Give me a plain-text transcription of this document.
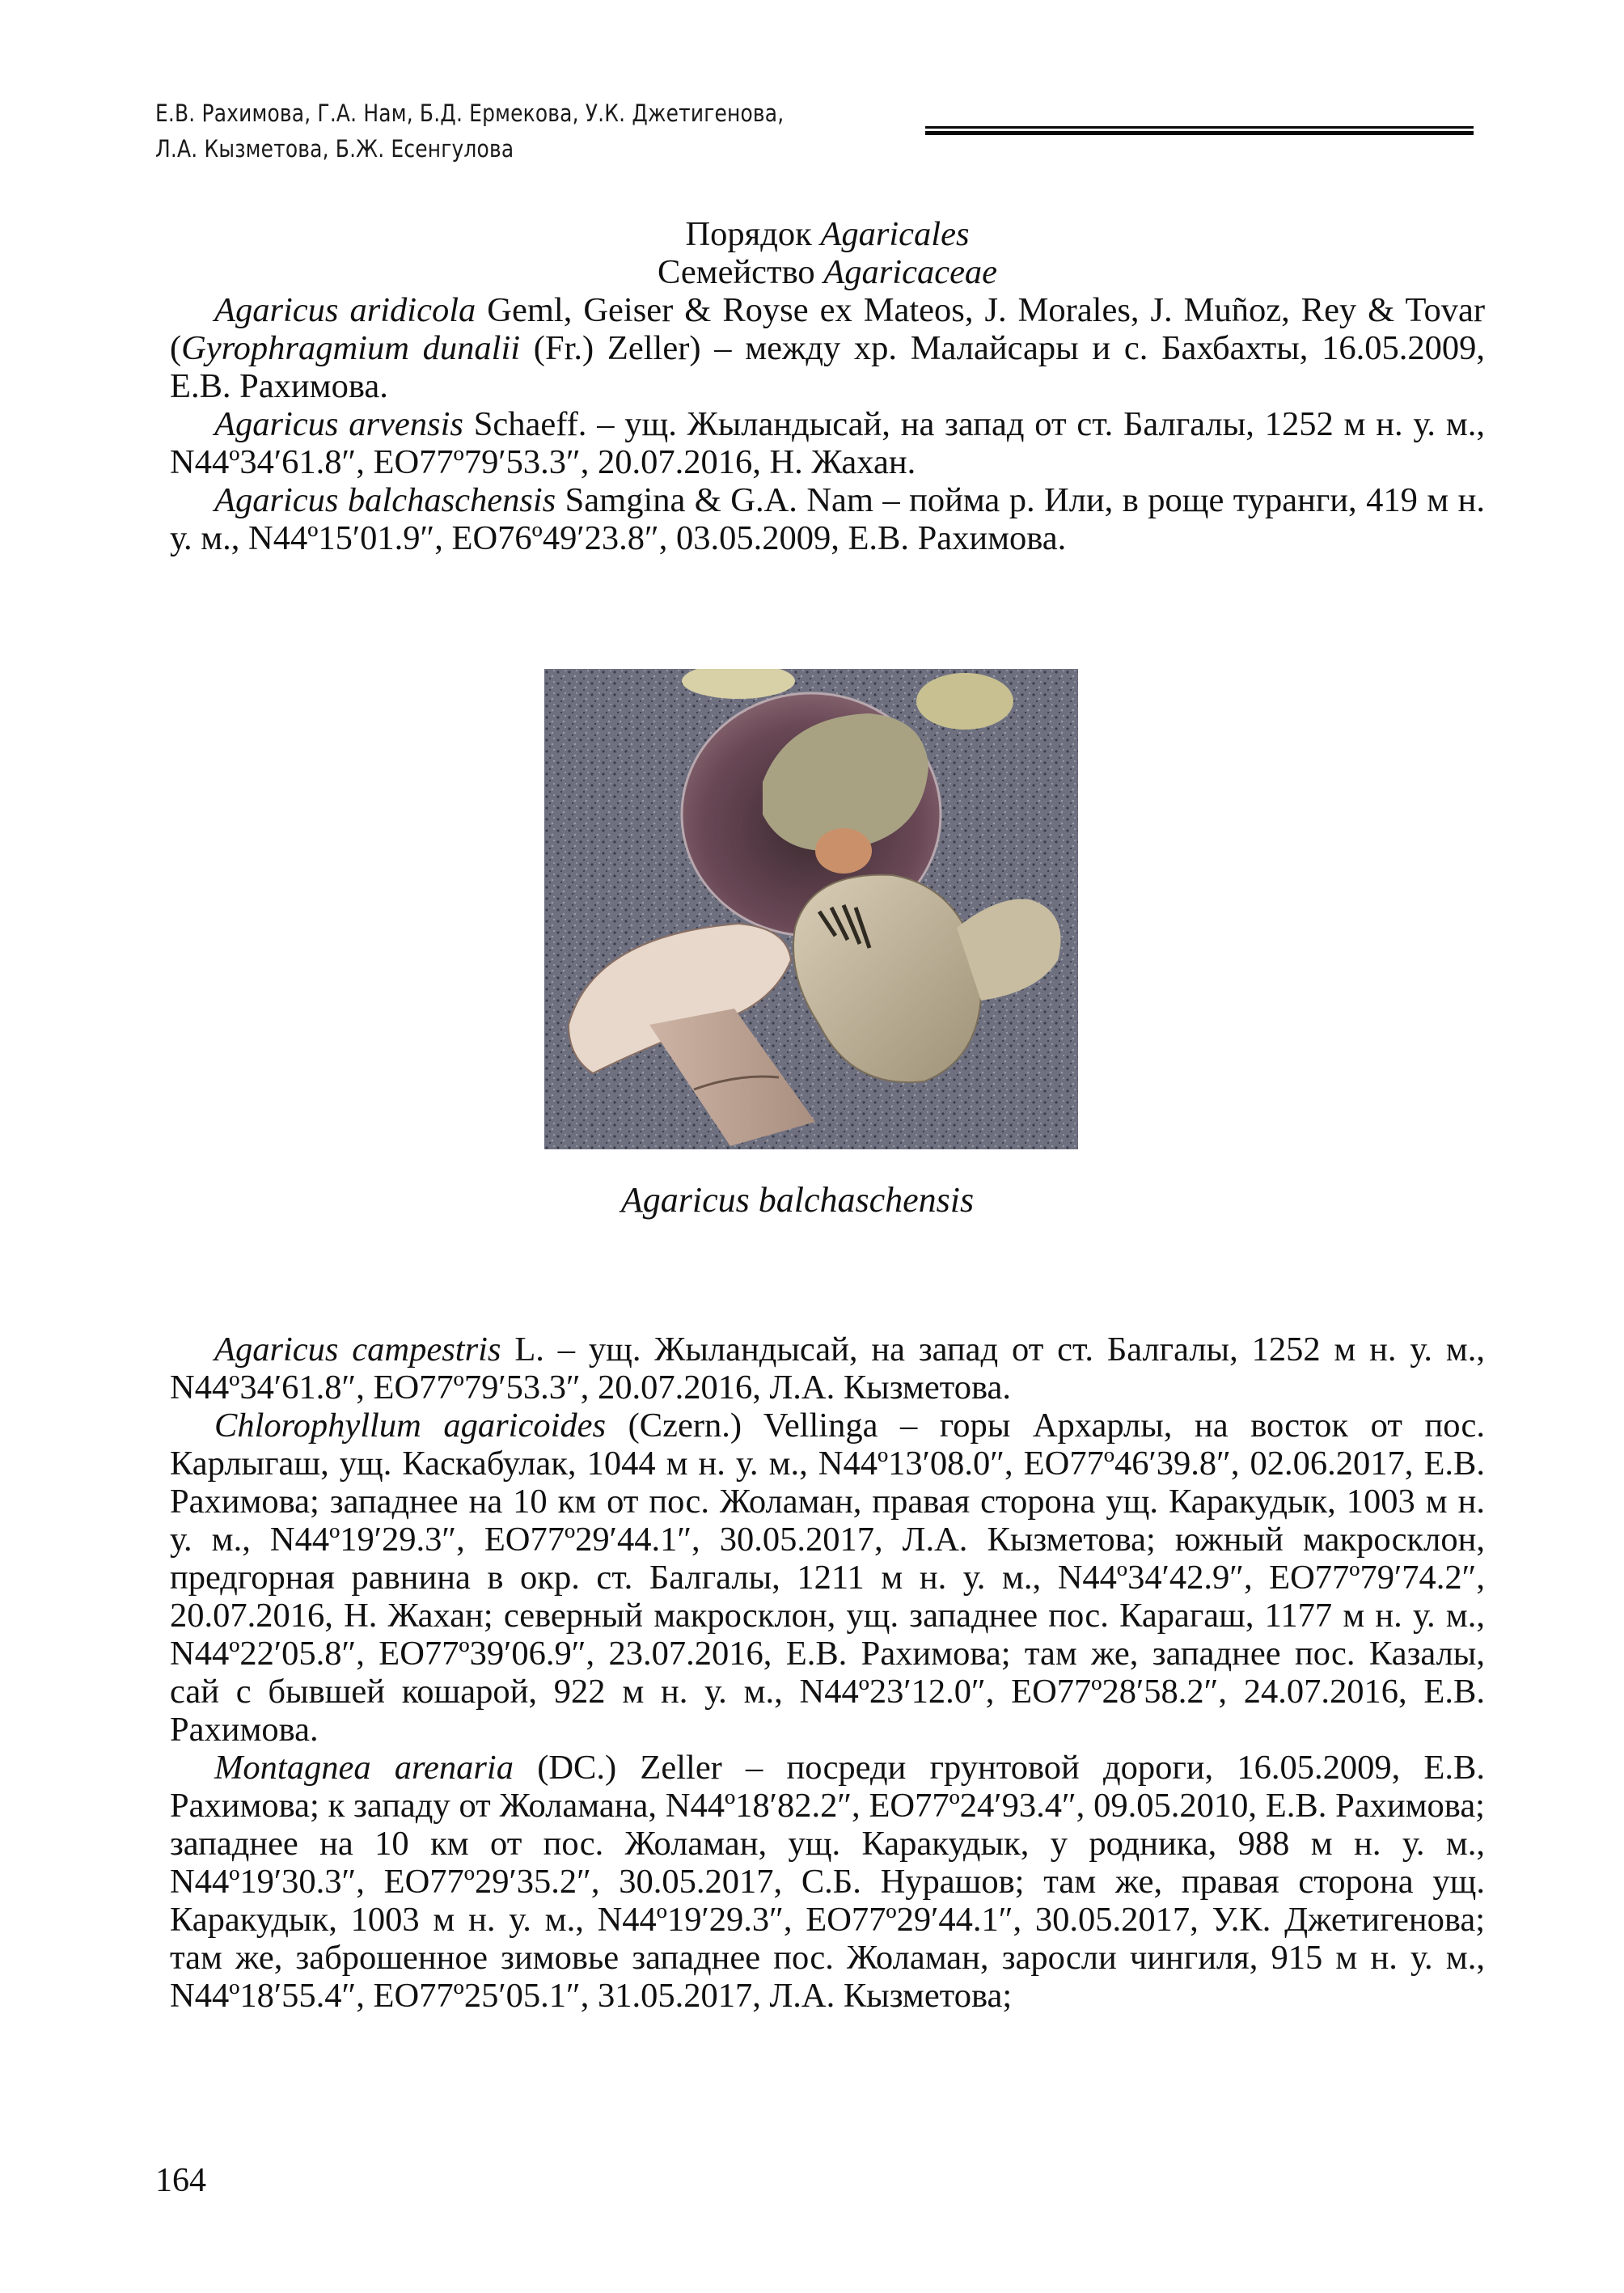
Е.В. Рахимова, Г.А. Нам, Б.Д. Ермекова, У.К. Джетигенова,
Л.А. Кызметова, Б.Ж. Есенгулова

Порядок Agaricales

Семейство Agaricaceae

Agaricus aridicola Geml, Geiser & Royse ex Mateos, J. Morales, J. Muñoz, Rey & Tovar (Gyrophragmium dunalii (Fr.) Zeller) – между хр. Малайсары и с. Бахбахты, 16.05.2009, Е.В. Рахимова.

Agaricus arvensis Schaeff. – ущ. Жыландысай, на запад от ст. Балгалы, 1252 м н. у. м., N44º34′61.8″, EO77º79′53.3″, 20.07.2016, Н. Жахан.

Agaricus balchaschensis Samgina & G.A. Nam – пойма р. Или, в роще туранги, 419 м н. у. м., N44º15′01.9″, EO76º49′23.8″, 03.05.2009, Е.В. Рахимова.

Agaricus balchaschensis

Agaricus campestris L. – ущ. Жыландысай, на запад от ст. Балгалы, 1252 м н. у. м., N44º34′61.8″, EO77º79′53.3″, 20.07.2016, Л.А. Кызметова.

Chlorophyllum agaricoides (Czern.) Vellinga – горы Архарлы, на восток от пос. Карлыгаш, ущ. Каскабулак, 1044 м н. у. м., N44º13′08.0″, EO77º46′39.8″, 02.06.2017, Е.В. Рахимова; западнее на 10 км от пос. Жоламан, правая сторона ущ. Каракудык, 1003 м н. у. м., N44º19′29.3″, EO77º29′44.1″, 30.05.2017, Л.А. Кызметова; южный макросклон, предгорная равнина в окр. ст. Балгалы, 1211 м н. у. м., N44º34′42.9″, EO77º79′74.2″, 20.07.2016, Н. Жахан; северный макросклон, ущ. западнее пос. Карагаш, 1177 м н. у. м., N44º22′05.8″, EO77º39′06.9″, 23.07.2016, Е.В. Рахимова; там же, западнее пос. Казалы, сай с бывшей кошарой, 922 м н. у. м., N44º23′12.0″, EO77º28′58.2″, 24.07.2016, Е.В. Рахимова.

Montagnea arenaria (DC.) Zeller – посреди грунтовой дороги, 16.05.2009, Е.В. Рахимова; к западу от Жоламана, N44º18′82.2″, EO77º24′93.4″, 09.05.2010, Е.В. Рахимова; западнее на 10 км от пос. Жоламан, ущ. Каракудык, у родника, 988 м н. у. м., N44º19′30.3″, EO77º29′35.2″, 30.05.2017, С.Б. Нурашов; там же, правая сторона ущ. Каракудык, 1003 м н. у. м., N44º19′29.3″, EO77º29′44.1″, 30.05.2017, У.К. Джетигенова; там же, заброшенное зимовье западнее пос. Жоламан, заросли чингиля, 915 м н. у. м., N44º18′55.4″, EO77º25′05.1″, 31.05.2017, Л.А. Кызметова;

164
